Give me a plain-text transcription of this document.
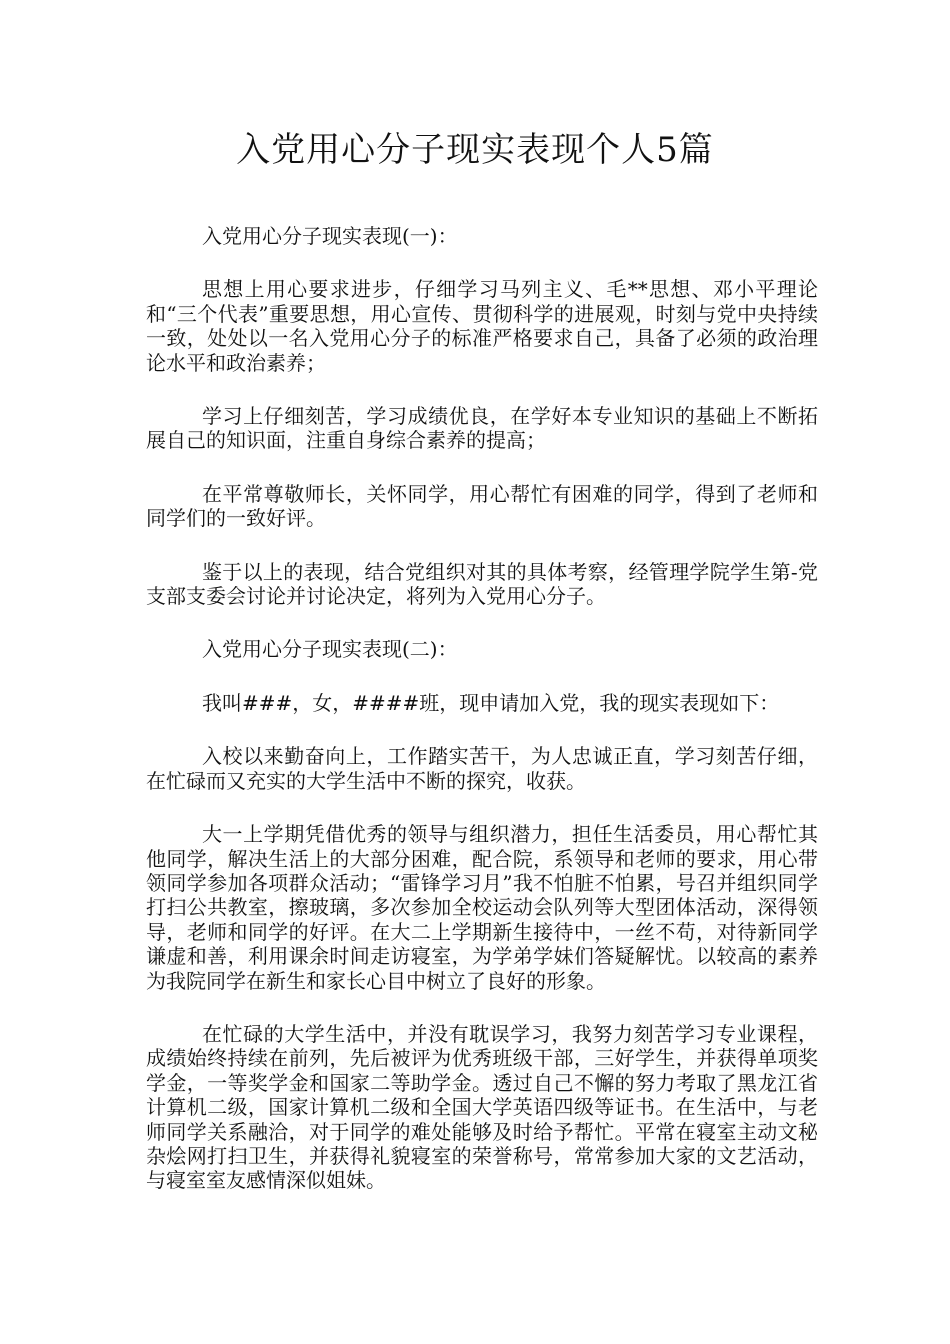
入党用心分子现实表现个人5篇

入党用心分子现实表现(一)：

思想上用心要求进步，仔细学习马列主义、毛**思想、邓小平理论和“三个代表”重要思想，用心宣传、贯彻科学的进展观，时刻与党中央持续一致，处处以一名入党用心分子的标准严格要求自己，具备了必须的政治理论水平和政治素养；

学习上仔细刻苦，学习成绩优良，在学好本专业知识的基础上不断拓展自己的知识面，注重自身综合素养的提高；

在平常尊敬师长，关怀同学，用心帮忙有困难的同学，得到了老师和同学们的一致好评。

鉴于以上的表现，结合党组织对其的具体考察，经管理学院学生第-党支部支委会讨论并讨论决定，将列为入党用心分子。

入党用心分子现实表现(二)：

我叫###，女，####班，现申请加入党，我的现实表现如下：

入校以来勤奋向上，工作踏实苦干，为人忠诚正直，学习刻苦仔细，在忙碌而又充实的大学生活中不断的探究，收获。

大一上学期凭借优秀的领导与组织潜力，担任生活委员，用心帮忙其他同学，解决生活上的大部分困难，配合院，系领导和老师的要求，用心带领同学参加各项群众活动；“雷锋学习月”我不怕脏不怕累，号召并组织同学打扫公共教室，擦玻璃，多次参加全校运动会队列等大型团体活动，深得领导，老师和同学的好评。在大二上学期新生接待中，一丝不苟，对待新同学谦虚和善，利用课余时间走访寝室，为学弟学妹们答疑解忧。以较高的素养为我院同学在新生和家长心目中树立了良好的形象。

在忙碌的大学生活中，并没有耽误学习，我努力刻苦学习专业课程，成绩始终持续在前列，先后被评为优秀班级干部，三好学生，并获得单项奖学金，一等奖学金和国家二等助学金。透过自己不懈的努力考取了黑龙江省计算机二级，国家计算机二级和全国大学英语四级等证书。在生活中，与老师同学关系融洽，对于同学的难处能够及时给予帮忙。平常在寝室主动文秘杂烩网打扫卫生，并获得礼貌寝室的荣誉称号，常常参加大家的文艺活动，与寝室室友感情深似姐妹。
